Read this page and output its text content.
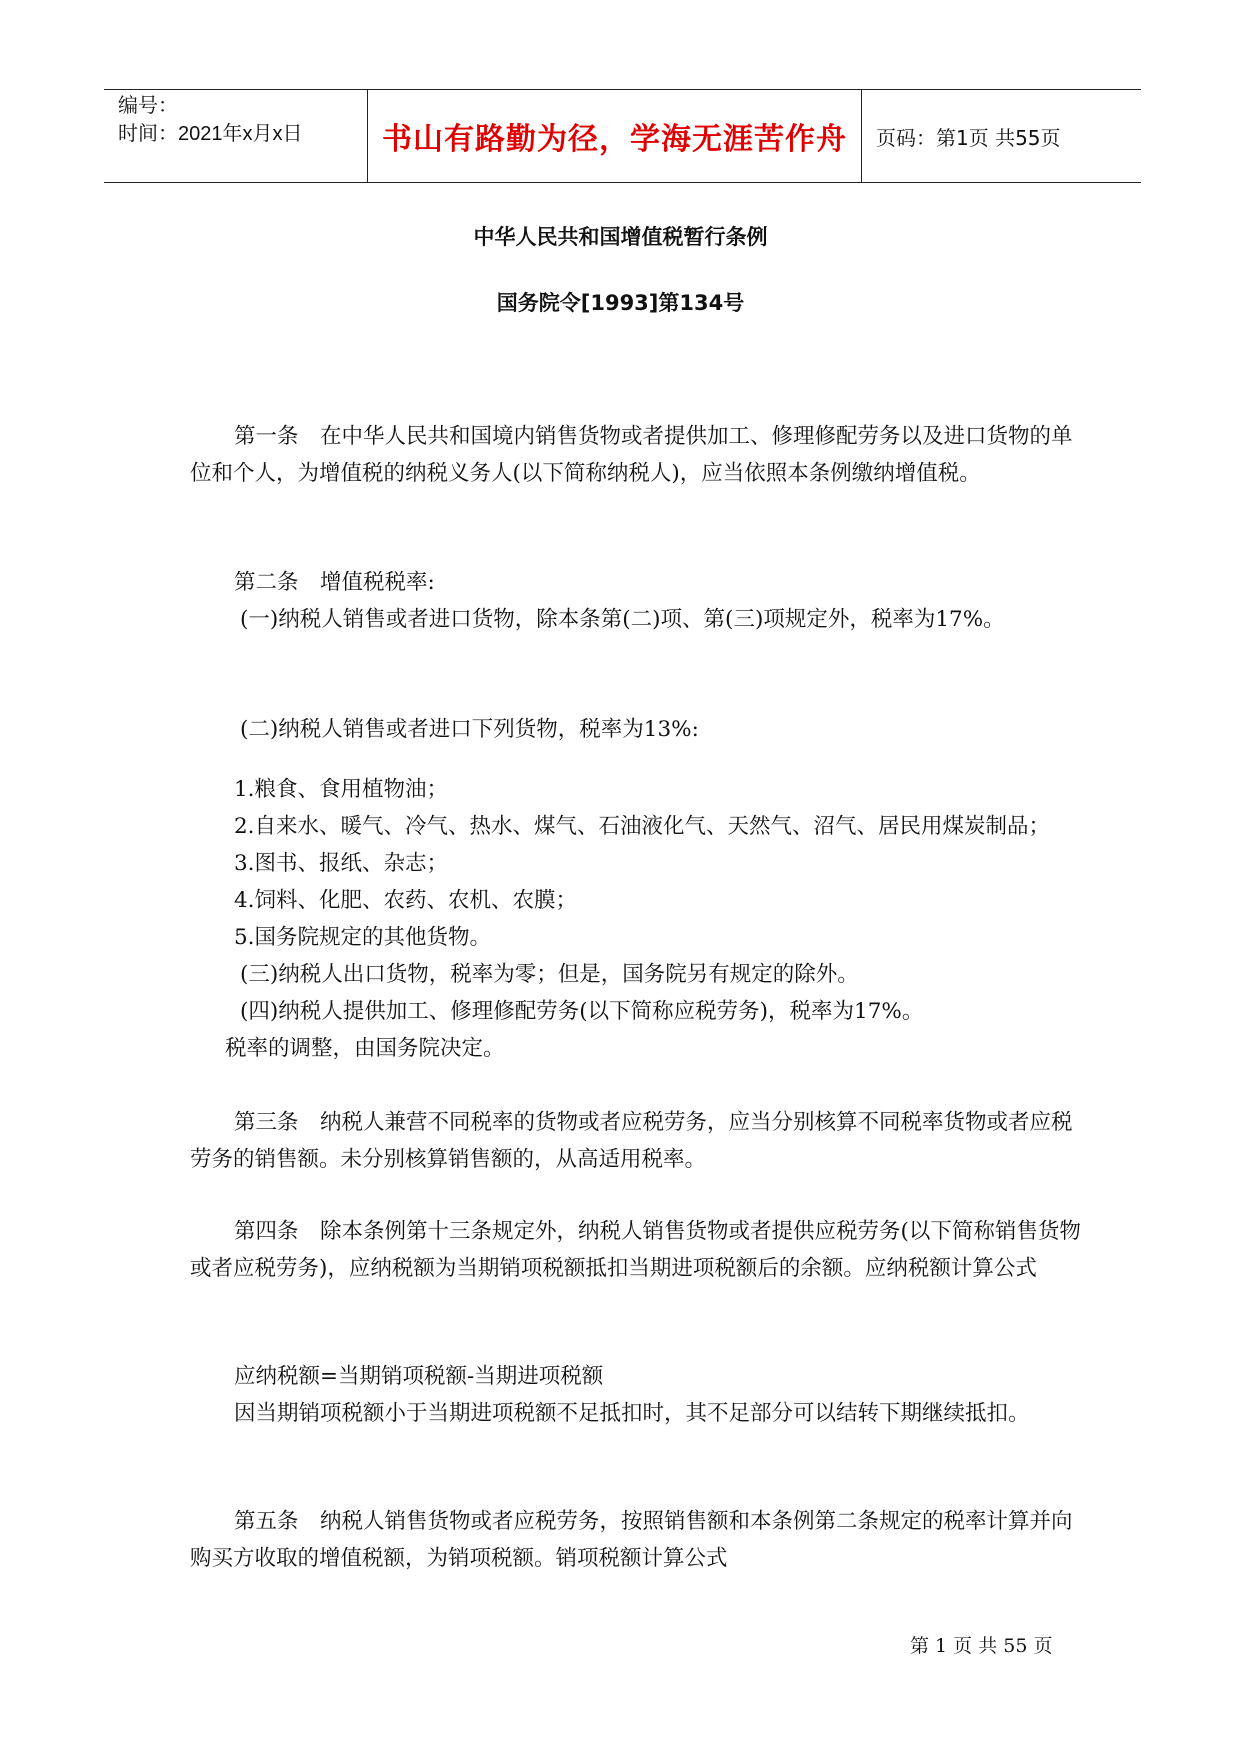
编号：
时间：2021年x月x日	书山有路勤为径，学海无涯苦作舟 页码：第1页 共55页
中华人民共和国增值税暂行条例
国务院令[1993]第134号

第一条　在中华人民共和国境内销售货物或者提供加工、修理修配劳务以及进口货物的单位和个人，为增值税的纳税义务人(以下简称纳税人)，应当依照本条例缴纳增值税。

第二条　增值税税率:

(一)纳税人销售或者进口货物，除本条第(二)项、第(三)项规定外，税率为17%。

(二)纳税人销售或者进口下列货物，税率为13%:

1.粮食、食用植物油；

2.自来水、暖气、冷气、热水、煤气、石油液化气、天然气、沼气、居民用煤炭制品；

3.图书、报纸、杂志；

4.饲料、化肥、农药、农机、农膜；

5.国务院规定的其他货物。

(三)纳税人出口货物，税率为零；但是，国务院另有规定的除外。

(四)纳税人提供加工、修理修配劳务(以下简称应税劳务)，税率为17%。

税率的调整，由国务院决定。

第三条　纳税人兼营不同税率的货物或者应税劳务，应当分别核算不同税率货物或者应税劳务的销售额。未分别核算销售额的，从高适用税率。

第四条　除本条例第十三条规定外，纳税人销售货物或者提供应税劳务(以下简称销售货物或者应税劳务)，应纳税额为当期销项税额抵扣当期进项税额后的余额。应纳税额计算公式

应纳税额=当期销项税额-当期进项税额

因当期销项税额小于当期进项税额不足抵扣时，其不足部分可以结转下期继续抵扣。

第五条　纳税人销售货物或者应税劳务，按照销售额和本条例第二条规定的税率计算并向购买方收取的增值税额，为销项税额。销项税额计算公式

第 1 页 共 55 页
